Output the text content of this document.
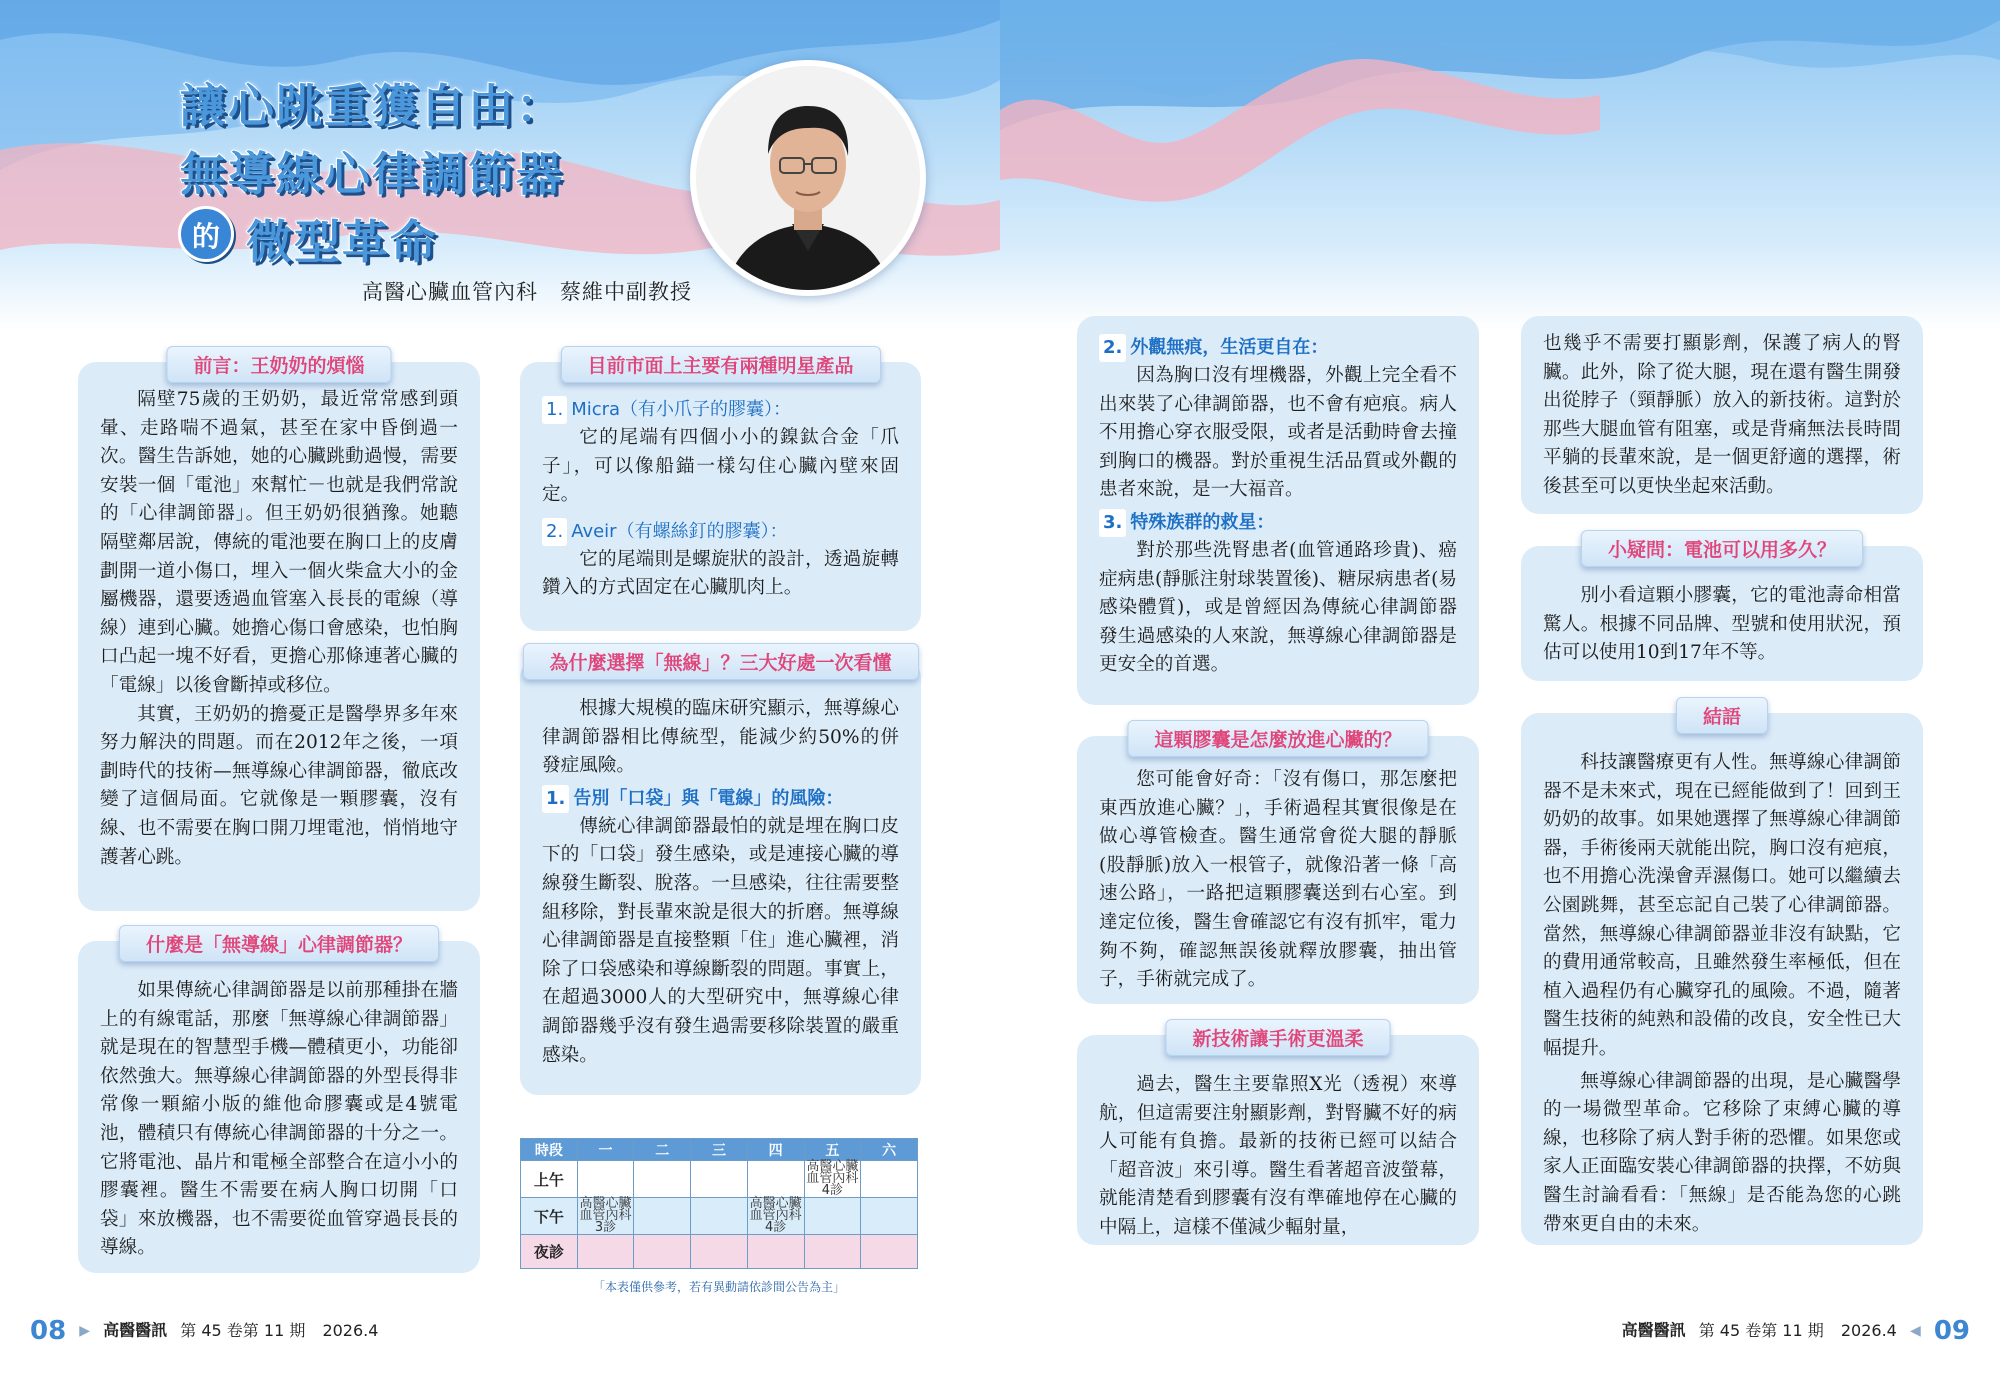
讓心跳重獲自由：
無導線心律調節器
的 微型革命
高醫心臟血管內科　蔡維中副教授
前言：王奶奶的煩惱
隔壁75歲的王奶奶，最近常常感到頭暈、走路喘不過氣，甚至在家中昏倒過一次。醫生告訴她，她的心臟跳動過慢，需要安裝一個「電池」來幫忙－也就是我們常說的「心律調節器」。但王奶奶很猶豫。她聽隔壁鄰居說，傳統的電池要在胸口上的皮膚劃開一道小傷口，埋入一個火柴盒大小的金屬機器，還要透過血管塞入長長的電線（導線）連到心臟。她擔心傷口會感染，也怕胸口凸起一塊不好看，更擔心那條連著心臟的「電線」以後會斷掉或移位。
其實，王奶奶的擔憂正是醫學界多年來努力解決的問題。而在2012年之後，一項劃時代的技術—無導線心律調節器，徹底改變了這個局面。它就像是一顆膠囊，沒有線、也不需要在胸口開刀埋電池，悄悄地守護著心跳。
什麼是「無導線」心律調節器？
如果傳統心律調節器是以前那種掛在牆上的有線電話，那麼「無導線心律調節器」就是現在的智慧型手機—體積更小，功能卻依然強大。無導線心律調節器的外型長得非常像一顆縮小版的維他命膠囊或是4號電池，體積只有傳統心律調節器的十分之一。它將電池、晶片和電極全部整合在這小小的膠囊裡。醫生不需要在病人胸口切開「口袋」來放機器，也不需要從血管穿過長長的導線。
目前市面上主要有兩種明星產品
1. Micra（有小爪子的膠囊）：
它的尾端有四個小小的鎳鈦合金「爪子」，可以像船錨一樣勾住心臟內壁來固定。
2. Aveir（有螺絲釘的膠囊）：
它的尾端則是螺旋狀的設計，透過旋轉鑽入的方式固定在心臟肌肉上。
為什麼選擇「無線」？三大好處一次看懂
根據大規模的臨床研究顯示，無導線心律調節器相比傳統型，能減少約50%的併發症風險。
1. 告別「口袋」與「電線」的風險：
傳統心律調節器最怕的就是埋在胸口皮下的「口袋」發生感染，或是連接心臟的導線發生斷裂、脫落。一旦感染，往往需要整組移除，對長輩來說是很大的折磨。無導線心律調節器是直接整顆「住」進心臟裡，消除了口袋感染和導線斷裂的問題。事實上，在超過3000人的大型研究中，無導線心律調節器幾乎沒有發生過需要移除裝置的嚴重感染。
時段	一	二	三	四	五	六
上午					高醫心臟
血管內科4診	
下午	高醫心臟
血管內科3診			高醫心臟
血管內科4診		
夜診						
「本表僅供參考，若有異動請依診間公告為主」
2. 外觀無痕，生活更自在：
因為胸口沒有埋機器，外觀上完全看不出來裝了心律調節器，也不會有疤痕。病人不用擔心穿衣服受限，或者是活動時會去撞到胸口的機器。對於重視生活品質或外觀的患者來說，是一大福音。
3. 特殊族群的救星：
對於那些洗腎患者(血管通路珍貴)、癌症病患(靜脈注射球裝置後)、糖尿病患者(易感染體質)，或是曾經因為傳統心律調節器發生過感染的人來說，無導線心律調節器是更安全的首選。
這顆膠囊是怎麼放進心臟的？
您可能會好奇：「沒有傷口，那怎麼把東西放進心臟？」，手術過程其實很像是在做心導管檢查。醫生通常會從大腿的靜脈(股靜脈)放入一根管子，就像沿著一條「高速公路」，一路把這顆膠囊送到右心室。到達定位後，醫生會確認它有沒有抓牢，電力夠不夠，確認無誤後就釋放膠囊，抽出管子，手術就完成了。
新技術讓手術更溫柔
過去，醫生主要靠照X光（透視）來導航，但這需要注射顯影劑，對腎臟不好的病人可能有負擔。最新的技術已經可以結合「超音波」來引導。醫生看著超音波螢幕，就能清楚看到膠囊有沒有準確地停在心臟的中隔上，這樣不僅減少輻射量，
也幾乎不需要打顯影劑，保護了病人的腎臟。此外，除了從大腿，現在還有醫生開發出從脖子（頸靜脈）放入的新技術。這對於那些大腿血管有阻塞，或是背痛無法長時間平躺的長輩來說，是一個更舒適的選擇，術後甚至可以更快坐起來活動。
小疑問：電池可以用多久？
別小看這顆小膠囊，它的電池壽命相當驚人。根據不同品牌、型號和使用狀況，預估可以使用10到17年不等。
結語
科技讓醫療更有人性。無導線心律調節器不是未來式，現在已經能做到了！回到王奶奶的故事。如果她選擇了無導線心律調節器，手術後兩天就能出院，胸口沒有疤痕，也不用擔心洗澡會弄濕傷口。她可以繼續去公園跳舞，甚至忘記自己裝了心律調節器。當然，無導線心律調節器並非沒有缺點，它的費用通常較高，且雖然發生率極低，但在植入過程仍有心臟穿孔的風險。不過，隨著醫生技術的純熟和設備的改良，安全性已大幅提升。
無導線心律調節器的出現，是心臟醫學的一場微型革命。它移除了束縛心臟的導線，也移除了病人對手術的恐懼。如果您或家人正面臨安裝心律調節器的抉擇，不妨與醫生討論看看：「無線」是否能為您的心跳帶來更自由的未來。
08 ▶ 高醫醫訊 第 45 卷第 11 期 2026.4	高醫醫訊 第 45 卷第 11 期 2026.4 ◀ 09
